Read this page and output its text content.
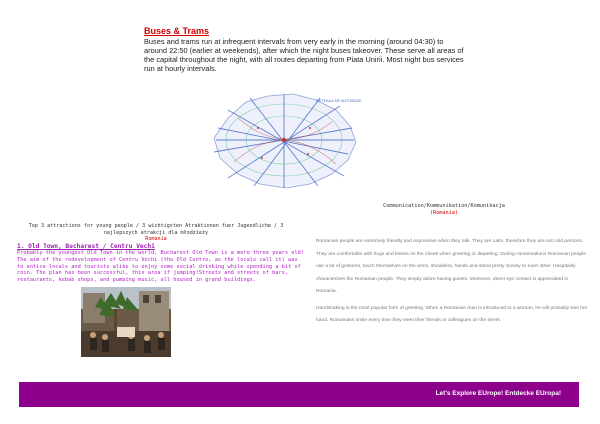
Buses & Trams
Buses and trams run at infrequent intervals from very early in the morning (around 04:30) to around 22:50 (earlier at weekends), after which the night buses takeover. These serve all areas of the capital throughout the night, with all routes departing from Piata Unirii. Most night bus services run at hourly intervals.
REȚEAUA DE AUTOBUZE
Communication/Kommunikation/Komunikacja
(Romania)

Romanian people are extremely friendly and expressive when they talk. They are Latin, therefore they are not cold persons. They are comfortable with hugs and kisses on the cheek when greeting or departing. During conversations Romanian people use a lot of gestures, touch themselves on the arms, shoulders, hands and stand pretty closely to each other. Hospitality characterizes the Romanian people. They simply adore having guests. Moreover, direct eye contact is appreciated in Romania.

Handshaking is the most popular form of greeting. When a Romanian man is introduced to a woman, he will probably kiss her hand. Romanians smile every time they meet their friends or colleagues on the street.

Top 3 attractions for young people / 3 wichtigsten Atraktionen fuer Jugendliche / 3 najlepszych atrakcji dla młodzieży
Romania
1. Old Town, Bucharest / Centru Vechi
Probably the youngest Old Town in the world, Bucharest Old Town is a mere three years old! The aim of the redevelopment of Centru Vechi (the Old Centre, as the locals call it) was to entice locals and tourists alike to enjoy some social drinking while spending a bit of coin. The plan has been successful, this area if jumping!Streets and streets of bars, restaurants, kebab shops, and pumping music, all housed in grand buildings.
Let's Explore EUrope! Entdecke EUropa!
